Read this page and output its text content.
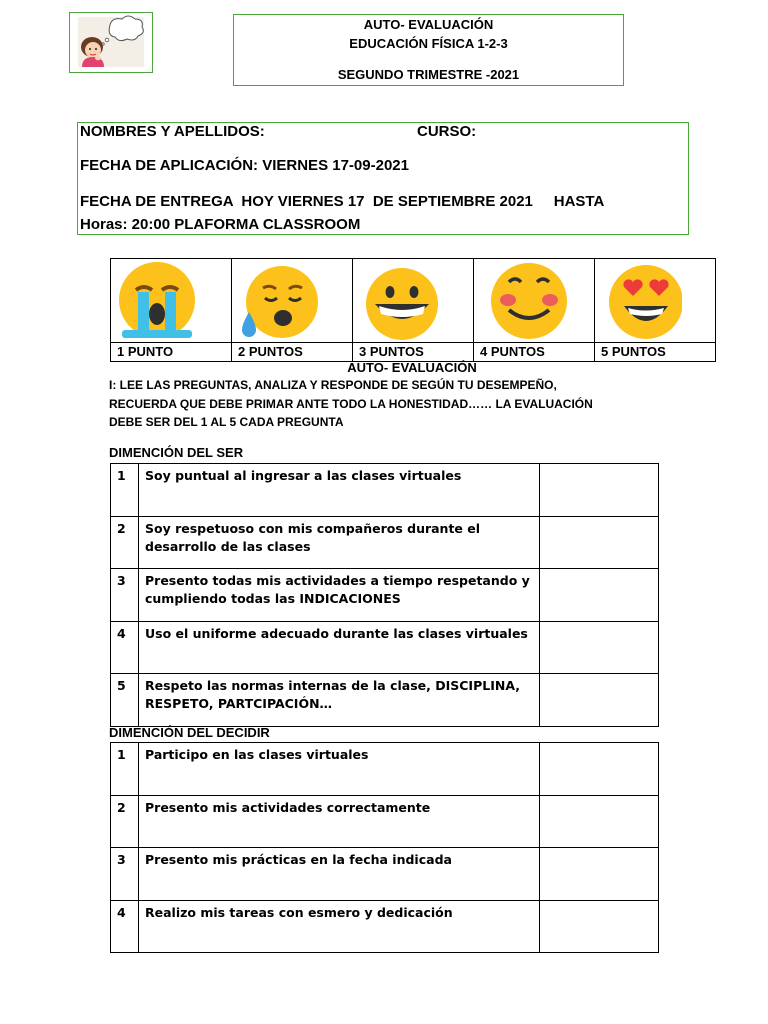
AUTO- EVALUACIÓN
EDUCACIÓN FÍSICA 1-2-3
SEGUNDO TRIMESTRE -2021
NOMBRES Y APELLIDOS:	CURSO:
FECHA DE APLICACIÓN: VIERNES 17-09-2021
FECHA DE ENTREGA  HOY VIERNES 17  DE SEPTIEMBRE 2021     HASTA
Horas: 20:00 PLAFORMA CLASSROOM
1 PUNTO	2 PUNTOS	3 PUNTOS	4 PUNTOS	5 PUNTOS
AUTO- EVALUACIÓN
I: LEE LAS PREGUNTAS, ANALIZA Y RESPONDE DE SEGÚN TU DESEMPEÑO,
RECUERDA QUE DEBE PRIMAR ANTE TODO LA HONESTIDAD…… LA EVALUACIÓN
DEBE SER DEL 1 AL 5 CADA PREGUNTA
DIMENCIÓN DEL SER
1	Soy puntual al ingresar a las clases virtuales	
2	Soy respetuoso con mis compañeros durante el desarrollo de las clases	
3	Presento todas mis actividades a tiempo respetando y cumpliendo todas las INDICACIONES	
4	Uso el uniforme adecuado durante las clases virtuales	
5	Respeto las normas internas de la clase, DISCIPLINA, RESPETO, PARTCIPACIÓN…	
DIMENCIÓN DEL DECIDIR
1	Participo en las clases virtuales	
2	Presento mis actividades correctamente	
3	Presento mis prácticas en la fecha indicada	
4	Realizo mis tareas con esmero y dedicación	
